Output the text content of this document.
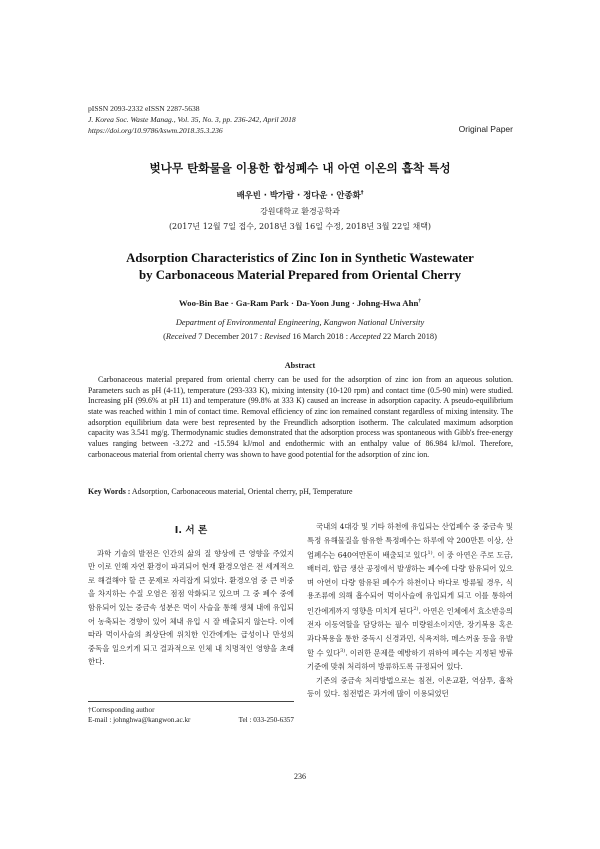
pISSN 2093-2332 eISSN 2287-5638
J. Korea Soc. Waste Manag., Vol. 35, No. 3, pp. 236-242, April 2018
https://doi.org/10.9786/kswm.2018.35.3.236	Original Paper
벚나무 탄화물을 이용한 합성폐수 내 아연 이온의 흡착 특성
배우빈 · 박가람 · 정다운 · 안종화†
강원대학교 환경공학과
(2017년 12월 7일 접수, 2018년 3월 16일 수정, 2018년 3월 22일 채택)
Adsorption Characteristics of Zinc Ion in Synthetic Wastewater
by Carbonaceous Material Prepared from Oriental Cherry
Woo-Bin Bae · Ga-Ram Park · Da-Yoon Jung · Johng-Hwa Ahn†
Department of Environmental Engineering, Kangwon National University
(Received 7 December 2017 : Revised 16 March 2018 : Accepted 22 March 2018)
Abstract
Carbonaceous material prepared from oriental cherry can be used for the adsorption of zinc ion from an aqueous solution. Parameters such as pH (4-11), temperature (293-333 K), mixing intensity (10-120 rpm) and contact time (0.5-90 min) were studied. Increasing pH (99.6% at pH 11) and temperature (99.8% at 333 K) caused an increase in adsorption capacity. A pseudo-equilibrium state was reached within 1 min of contact time. Removal efficiency of zinc ion remained constant regardless of mixing intensity. The adsorption equilibrium data were best represented by the Freundlich adsorption isotherm. The calculated maximum adsorption capacity was 3.541 mg/g. Thermodynamic studies demonstrated that the adsorption process was spontaneous with Gibb's free-energy values ranging between -3.272 and -15.594 kJ/mol and endothermic with an enthalpy value of 86.984 kJ/mol. Therefore, carbonaceous material from oriental cherry was shown to have good potential for the adsorption of zinc ion.
Key Words : Adsorption, Carbonaceous material, Oriental cherry, pH, Temperature
I. 서 론

과학 기술의 발전은 인간의 삶의 질 향상에 큰 영향을 주었지만 이로 인해 자연 환경이 파괴되어 현재 환경오염은 전 세계적으로 해결해야 할 큰 문제로 자리잡게 되었다. 환경오염 중 큰 비중을 차지하는 수질 오염은 점점 악화되고 있으며 그 중 폐수 중에 함유되어 있는 중금속 성분은 먹이 사슬을 통해 생체 내에 유입되어 농축되는 경향이 있어 체내 유입 시 잘 배출되지 않는다. 이에 따라 먹이사슬의 최상단에 위치한 인간에게는 급성이나 만성의 중독을 일으키게 되고 결과적으로 인체 내 치명적인 영향을 초래한다.

국내의 4대강 및 기타 하천에 유입되는 산업폐수 중 중금속 및 특정 유해물질을 함유한 특정폐수는 하루에 약 200만톤 이상, 산업폐수는 640여만톤이 배출되고 있다$^{1)}$. 이 중 아연은 주로 도금, 배터리, 합금 생산 공정에서 발생하는 폐수에 다량 함유되어 있으며 아연이 다량 함유된 폐수가 하천이나 바다로 방류될 경우, 식용조류에 의해 흡수되어 먹이사슬에 유입되게 되고 이를 통하여 인간에게까지 영향을 미치게 된다$^{2)}$. 아연은 인체에서 효소반응의 전자 이동역할을 담당하는 필수 미량원소이지만, 장기복용 혹은 과다복용을 통한 중독시 신경과민, 식욕저하, 메스꺼움 등을 유발할 수 있다$^{3)}$. 이러한 문제를 예방하기 위하여 폐수는 지정된 방류기준에 맞춰 처리하여 방류하도록 규정되어 있다.

기존의 중금속 처리방법으로는 침전, 이온교환, 역삼투, 흡착 등이 있다. 침전법은 과거에 많이 이용되었던

†Corresponding author
E-mail : johnghwa@kangwon.ac.kr	Tel : 033-250-6357
236
